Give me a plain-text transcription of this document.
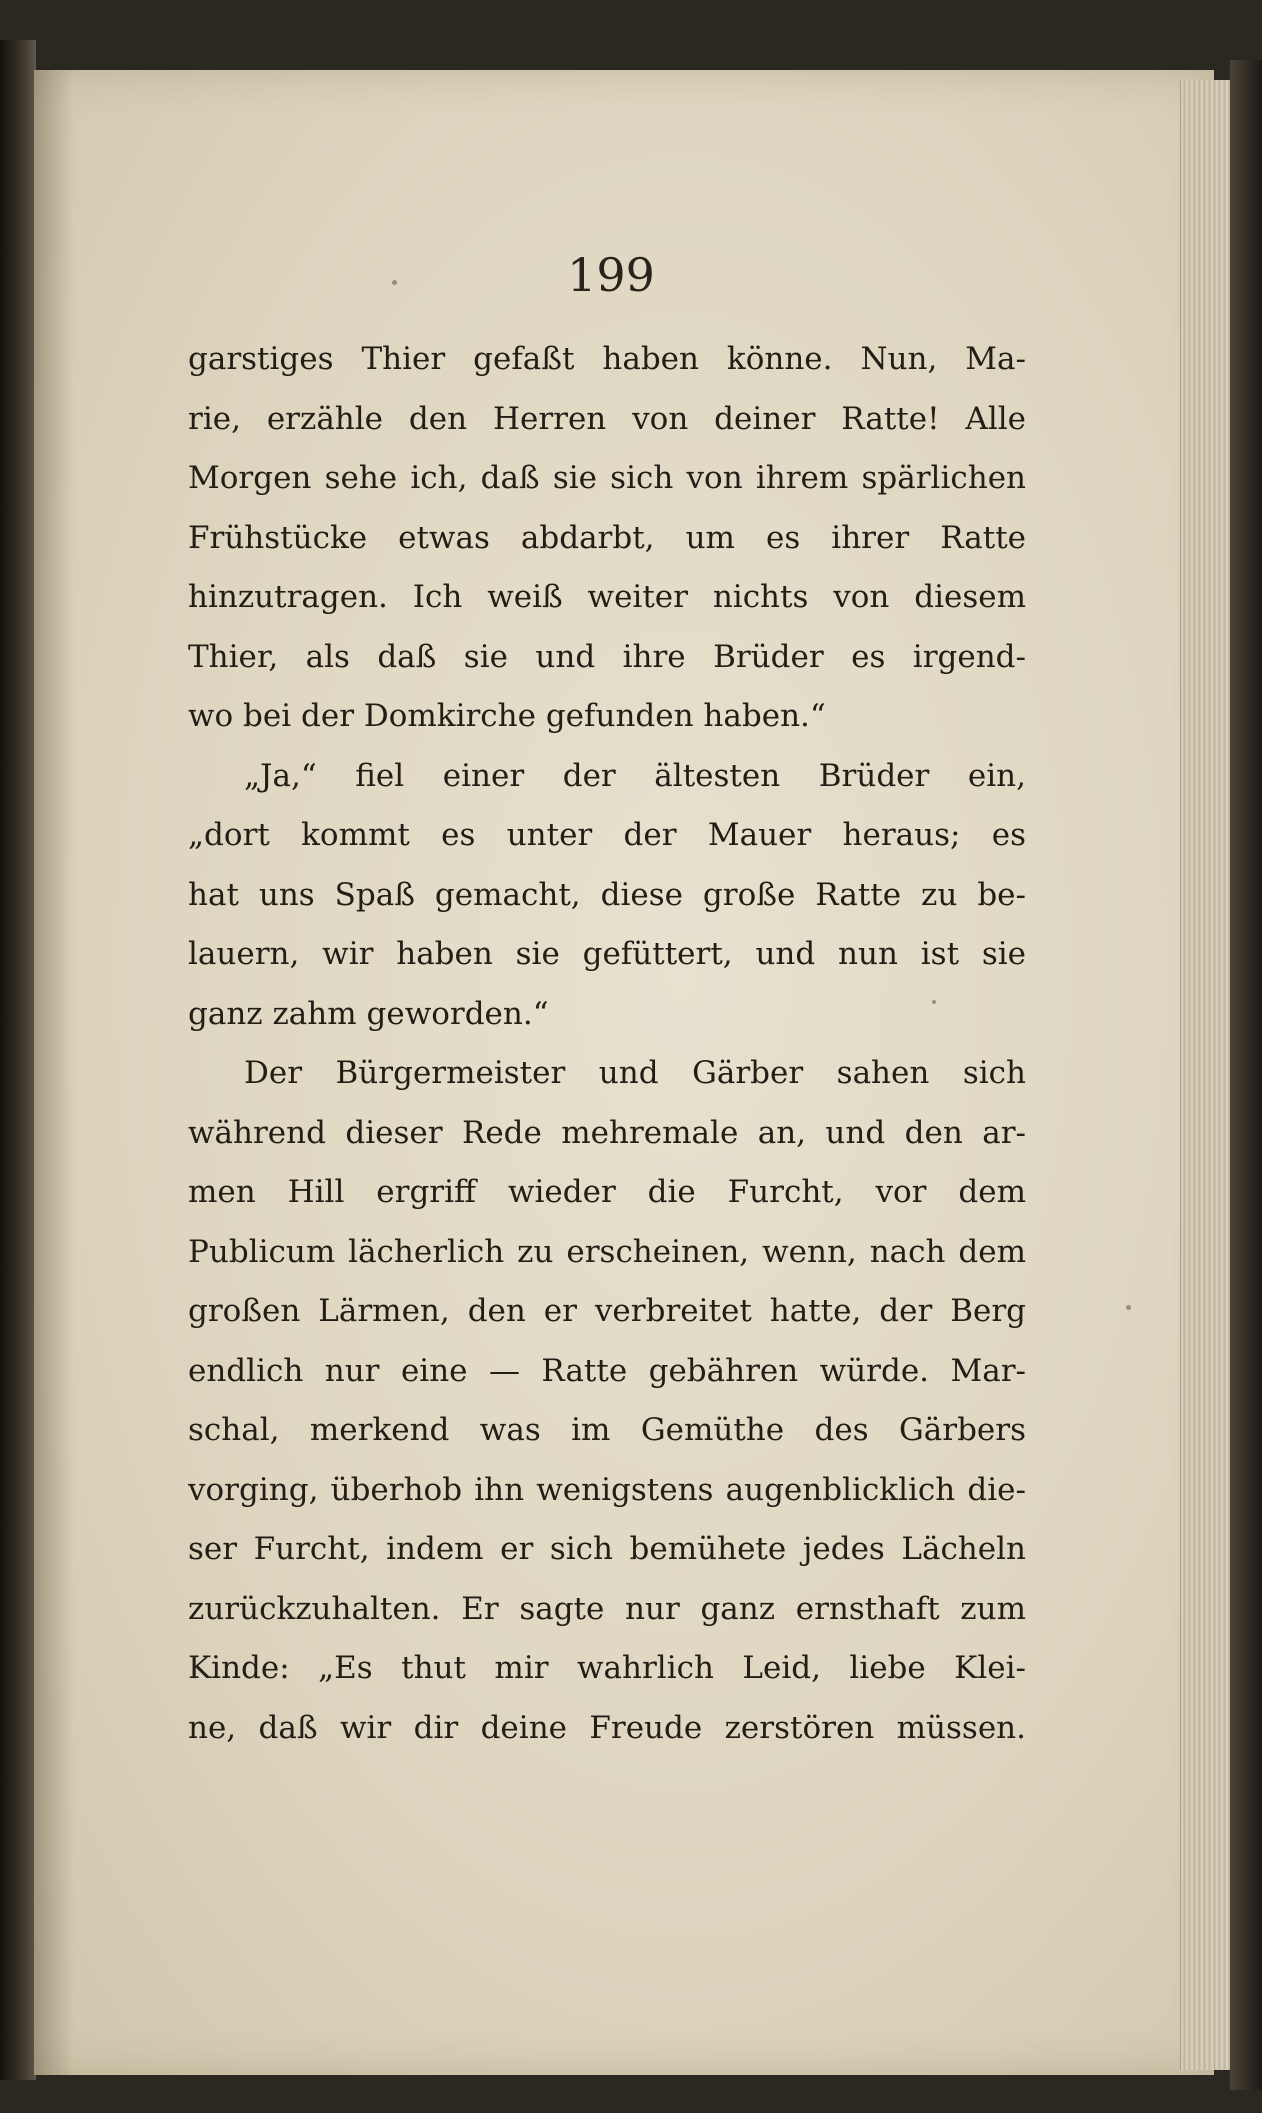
199
garstiges Thier gefaßt haben könne. Nun, Ma-
rie, erzähle den Herren von deiner Ratte! Alle
Morgen sehe ich, daß sie sich von ihrem spärlichen
Frühstücke etwas abdarbt, um es ihrer Ratte
hinzutragen. Ich weiß weiter nichts von diesem
Thier, als daß sie und ihre Brüder es irgend-
wo bei der Domkirche gefunden haben.“
„Ja,“ fiel einer der ältesten Brüder ein,
„dort kommt es unter der Mauer heraus; es
hat uns Spaß gemacht, diese große Ratte zu be-
lauern, wir haben sie gefüttert, und nun ist sie
ganz zahm geworden.“
Der Bürgermeister und Gärber sahen sich
während dieser Rede mehremale an, und den ar-
men Hill ergriff wieder die Furcht, vor dem
Publicum lächerlich zu erscheinen, wenn, nach dem
großen Lärmen, den er verbreitet hatte, der Berg
endlich nur eine — Ratte gebähren würde. Mar-
schal, merkend was im Gemüthe des Gärbers
vorging, überhob ihn wenigstens augenblicklich die-
ser Furcht, indem er sich bemühete jedes Lächeln
zurückzuhalten. Er sagte nur ganz ernsthaft zum
Kinde: „Es thut mir wahrlich Leid, liebe Klei-
ne, daß wir dir deine Freude zerstören müssen.
